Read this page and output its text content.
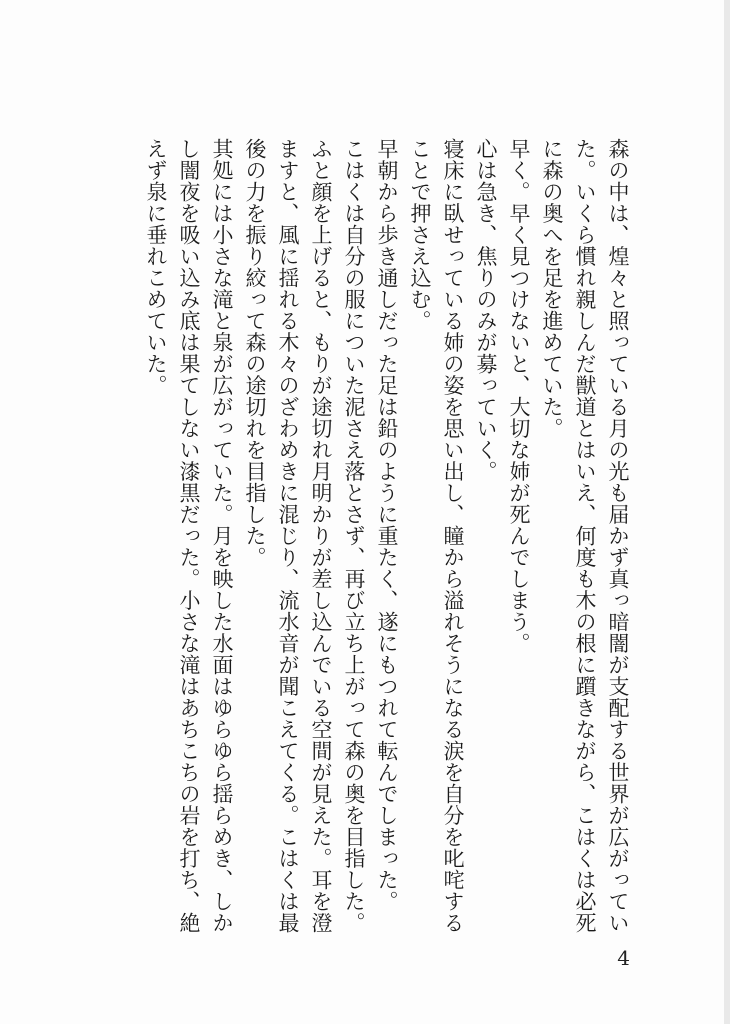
森の中は、煌々と照っている月の光も届かず真っ暗闇が支配する世界が広がっていた。いくら慣れ親しんだ獣道とはいえ、何度も木の根に躓きながら、こはくは必死に森の奥へを足を進めていた。

早く。早く見つけないと、大切な姉が死んでしまう。

心は急き、焦りのみが募っていく。

寝床に臥せっている姉の姿を思い出し、瞳から溢れそうになる涙を自分を叱咤することで押さえ込む。

早朝から歩き通しだった足は鉛のように重たく、遂にもつれて転んでしまった。

こはくは自分の服についた泥さえ落とさず、再び立ち上がって森の奥を目指した。

ふと顔を上げると、もりが途切れ月明かりが差し込んでいる空間が見えた。耳を澄ますと、風に揺れる木々のざわめきに混じり、流水音が聞こえてくる。こはくは最後の力を振り絞って森の途切れを目指した。

其処には小さな滝と泉が広がっていた。月を映した水面はゆらゆら揺らめき、しかし闇夜を吸い込み底は果てしない漆黒だった。小さな滝はあちこちの岩を打ち、絶えず泉に垂れこめていた。

4
